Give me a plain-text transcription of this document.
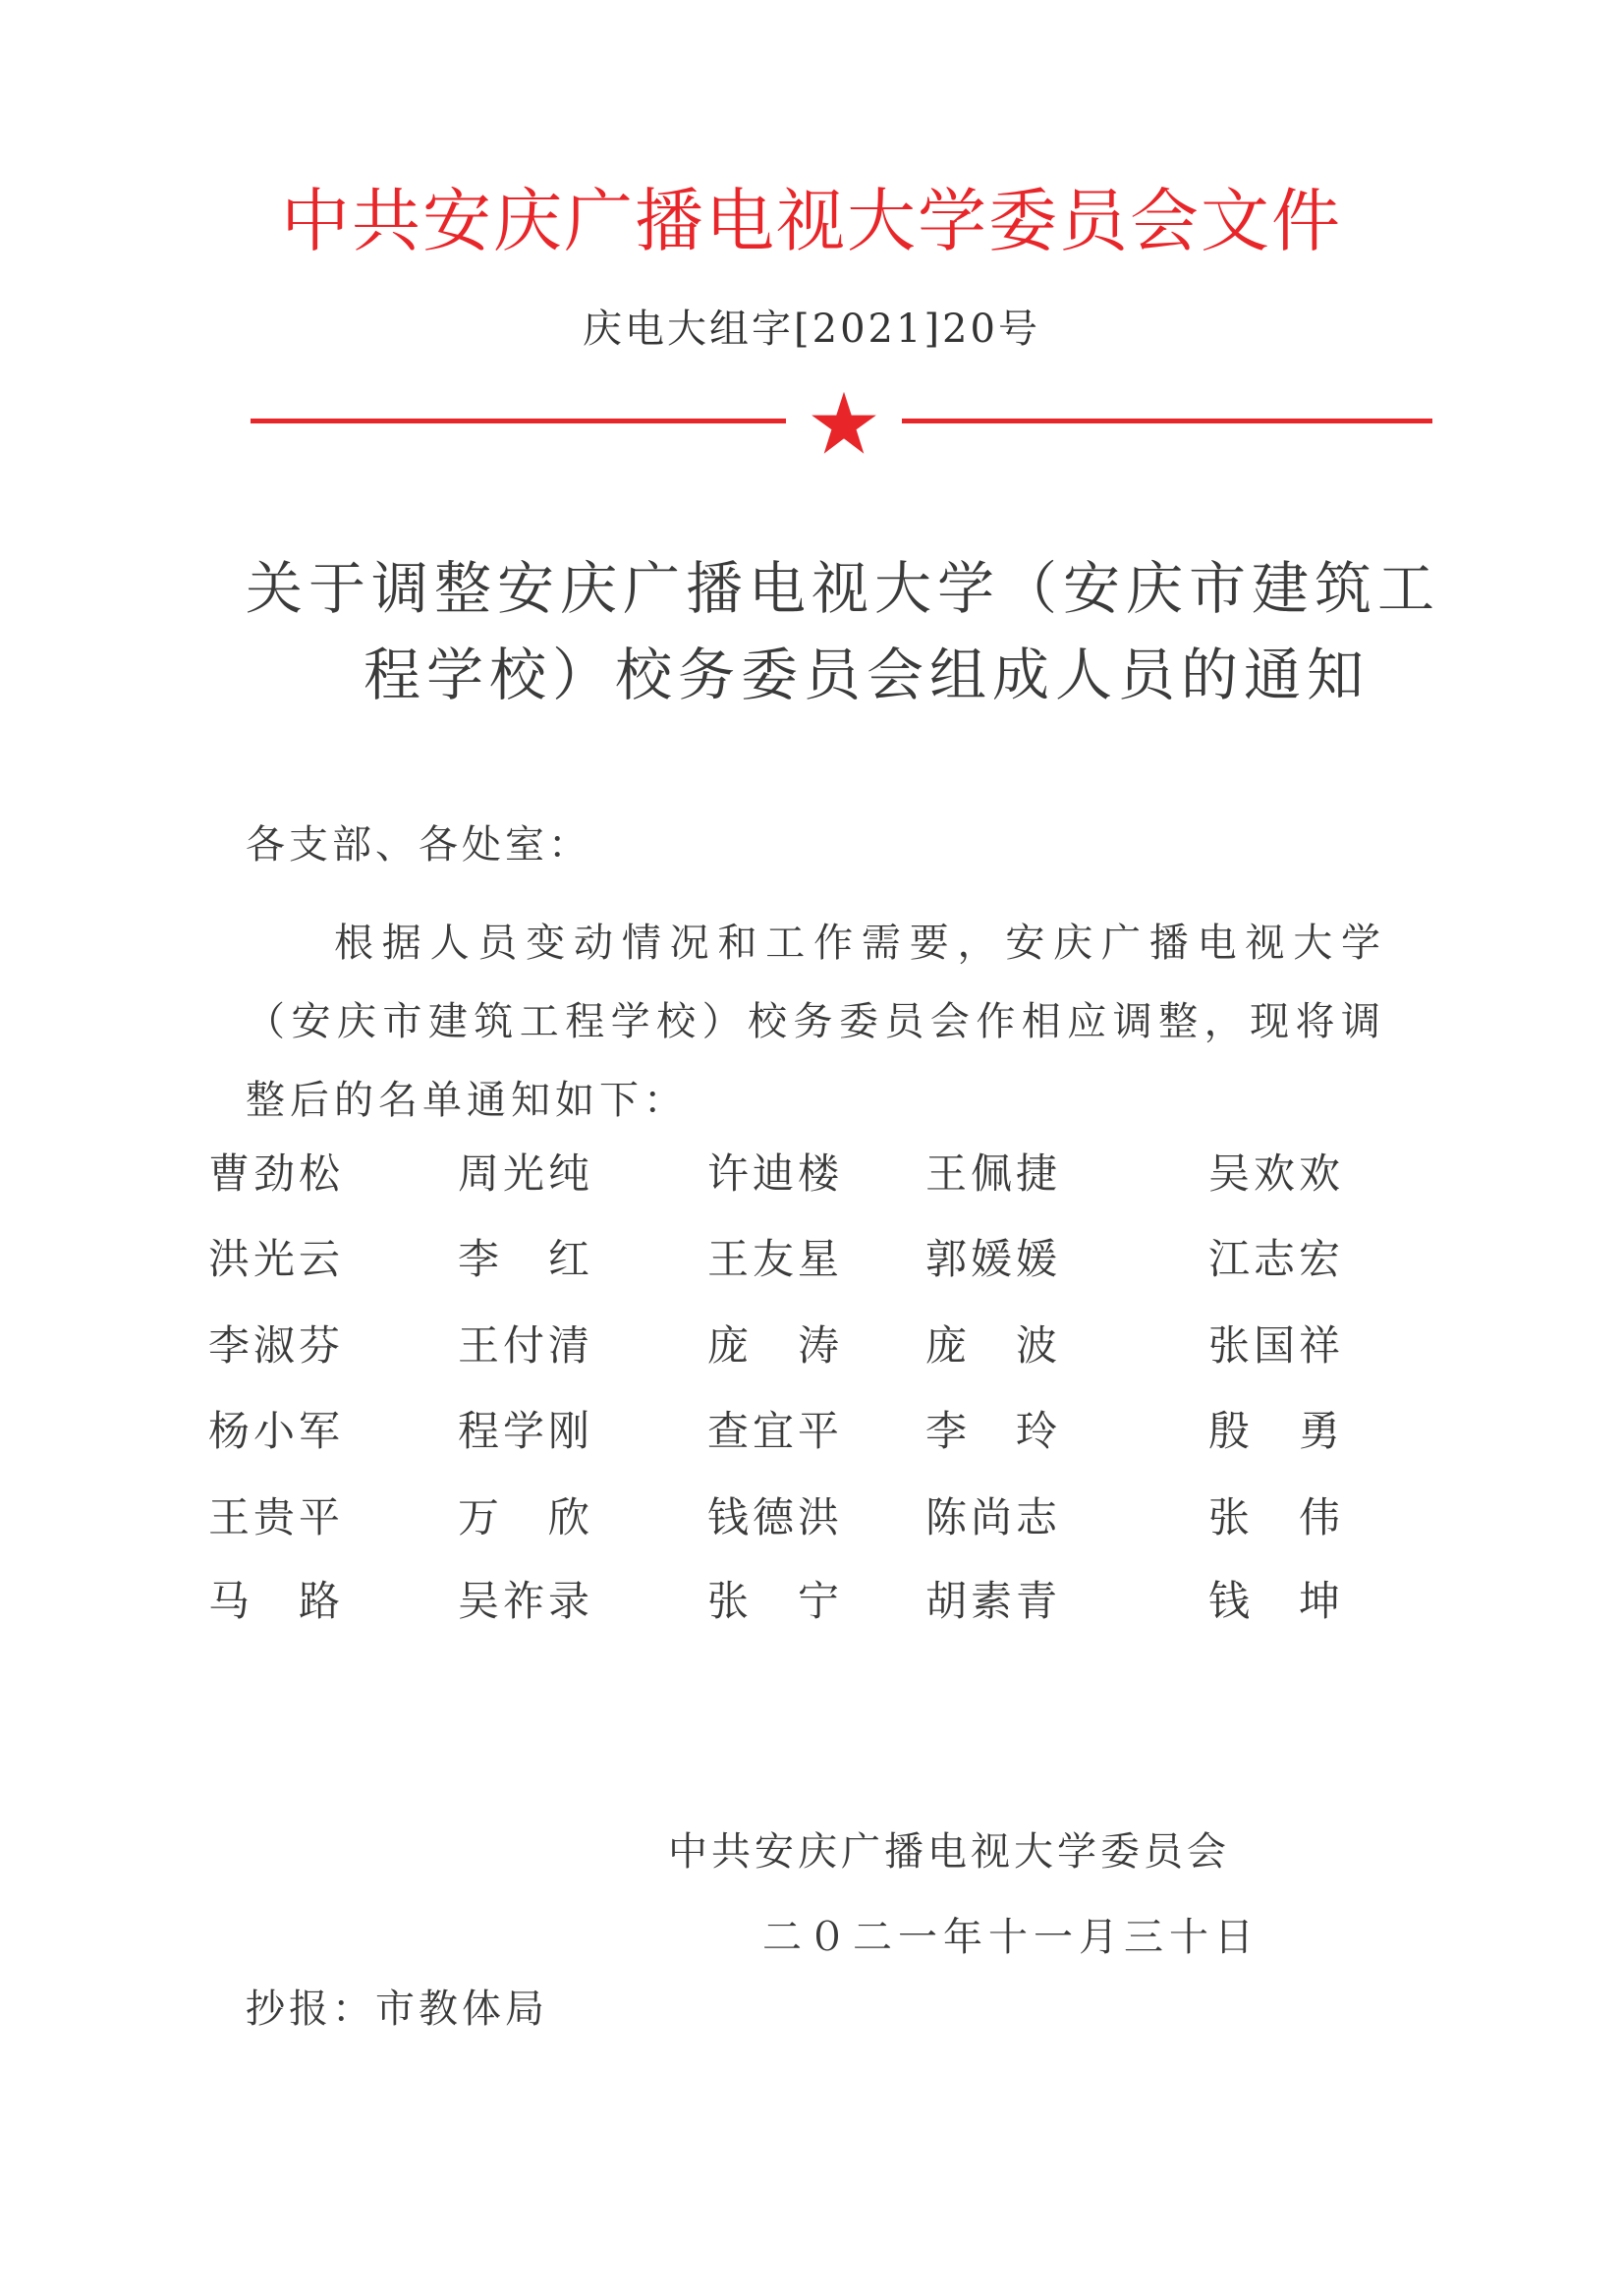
中共安庆广播电视大学委员会文件
庆电大组字[2021]20号
关于调整安庆广播电视大学（安庆市建筑工
程学校）校务委员会组成人员的通知
各支部、各处室：
根据人员变动情况和工作需要，安庆广播电视大学（安庆市建筑工程学校）校务委员会作相应调整，现将调整后的名单通知如下：
曹劲松	周光纯	许迪楼 王佩捷	吴欢欢
洪光云	李　红	王友星 郭媛媛	江志宏
李淑芬	王付清	庞　涛 庞　波	张国祥
杨小军	程学刚	查宜平 李　玲	殷　勇
王贵平	万　欣	钱德洪 陈尚志	张　伟
马　路	吴祚录	张　宁 胡素青	钱　坤
中共安庆广播电视大学委员会
二０二一年十一月三十日
抄报：市教体局
